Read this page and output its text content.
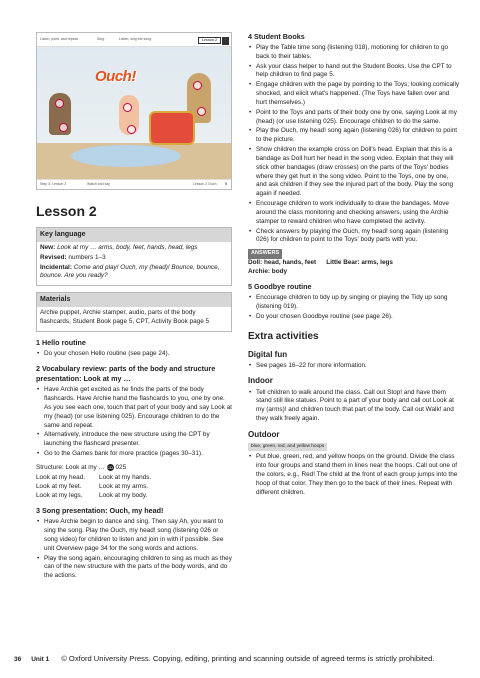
Ouch!
Listen, point, and repeat.	Sing.	Listen, sing the song.	Lesson 2	1
Step 3: Lesson 2	Watch and say	Lesson 2 Ouch 5
Lesson 2
Key language

New: Look at my … arms, body, feet, hands, head, legs

Revised: numbers 1–3

Incidental: Come and play! Ouch, my (head)! Bounce, bounce, bounce. Are you ready?

Materials

Archie puppet, Archie stamper, audio, parts of the body flashcards, Student Book page 5, CPT, Activity Book page 5

1 Hello routine
• Do your chosen Hello routine (see page 24).
2 Vocabulary review: parts of the body and structure presentation: Look at my …
• Have Archie get excited as he finds the parts of the body flashcards. Have Archie hand the flashcards to you, one by one. As you see each one, touch that part of your body and say Look at my (head) (or use listening 025). Encourage children to do the same and repeat.
• Alternatively, introduce the new structure using the CPT by launching the flashcard presenter.
• Go to the Games bank for more practice (pages 30–31).
Structure: Look at my … CD 025
Look at my head.	Look at my hands.
Look at my feet.	Look at my arms.
Look at my legs.	Look at my body.
3 Song presentation: Ouch, my head!
• Have Archie begin to dance and sing. Then say Ah, you want to sing the song. Play the Ouch, my head! song (listening 026 or song video) for children to listen and join in with if possible. See unit Overview page 34 for the song words and actions.
• Play the song again, encouraging children to sing as much as they can of the new structure with the parts of the body words, and do the actions.
4 Student Books
• Play the Table time song (listening 018), motioning for children to go back to their tables.
• Ask your class helper to hand out the Student Books. Use the CPT to help children to find page 5.
• Engage children with the page by pointing to the Toys; looking comically shocked, and elicit what's happened. (The Toys have fallen over and hurt themselves.)
• Point to the Toys and parts of their body one by one, saying Look at my (head) (or use listening 025). Encourage children to do the same.
• Play the Ouch, my head! song again (listening 026) for children to point to the picture.
• Show children the example cross on Doll's head. Explain that this is a bandage as Doll hurt her head in the song video. Explain that they will stick other bandages (draw crosses) on the parts of the Toys' bodies where they get hurt in the song video. Point to the Toys, one by one, and ask children if they see the injured part of the body. Play the song again if needed.
• Encourage children to work individually to draw the bandages. Move around the class monitoring and checking answers, using the Archie stamper to reward children who have completed the activity.
• Check answers by playing the Ouch, my head! song again (listening 026) for children to point to the Toys' body parts with you.
ANSWERS
Doll: head, hands, feet Little Bear: arms, legs
Archie: body
5 Goodbye routine
• Encourage children to tidy up by singing or playing the Tidy up song (listening 019).
• Do your chosen Goodbye routine (see page 26).
Extra activities
Digital fun
• See pages 16–22 for more information.
Indoor
• Tell children to walk around the class. Call out Stop! and have them stand still like statues. Point to a part of your body and call out Look at my (arms)! and children touch that part of the body. Call out Walk! and they walk freely again.
Outdoor
blue, green, red, and yellow hoops
• Put blue, green, red, and yellow hoops on the ground. Divide the class into four groups and stand them in lines near the hoops. Call out one of the colors, e.g., Red! The child at the front of each group jumps into the hoop of that color. They then go to the back of their lines. Repeat with different children.
36 Unit 1 © Oxford University Press. Copying, editing, printing and scanning outside of agreed terms is strictly prohibited.
